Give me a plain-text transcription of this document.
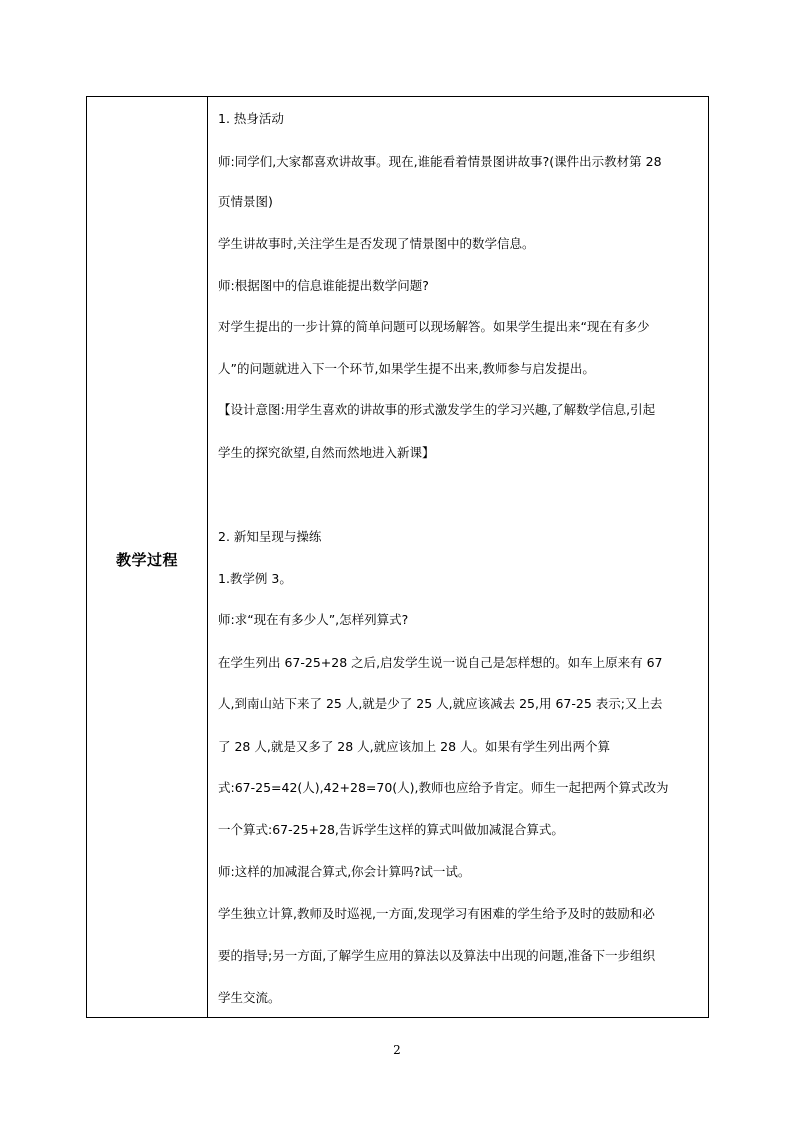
教学过程
1. 热身活动
师:同学们,大家都喜欢讲故事。现在,谁能看着情景图讲故事?(课件出示教材第 28
页情景图)
学生讲故事时,关注学生是否发现了情景图中的数学信息。
师:根据图中的信息谁能提出数学问题?
对学生提出的一步计算的简单问题可以现场解答。如果学生提出来“现在有多少
人”的问题就进入下一个环节,如果学生提不出来,教师参与启发提出。
【设计意图:用学生喜欢的讲故事的形式激发学生的学习兴趣,了解数学信息,引起
学生的探究欲望,自然而然地进入新课】
2. 新知呈现与操练
1.教学例 3。
师:求“现在有多少人”,怎样列算式?
在学生列出 67-25+28 之后,启发学生说一说自己是怎样想的。如车上原来有 67
人,到南山站下来了 25 人,就是少了 25 人,就应该减去 25,用 67-25 表示;又上去
了 28 人,就是又多了 28 人,就应该加上 28 人。如果有学生列出两个算
式:67-25=42(人),42+28=70(人),教师也应给予肯定。师生一起把两个算式改为
一个算式:67-25+28,告诉学生这样的算式叫做加减混合算式。
师:这样的加减混合算式,你会计算吗?试一试。
学生独立计算,教师及时巡视,一方面,发现学习有困难的学生给予及时的鼓励和必
要的指导;另一方面,了解学生应用的算法以及算法中出现的问题,准备下一步组织
学生交流。
2
